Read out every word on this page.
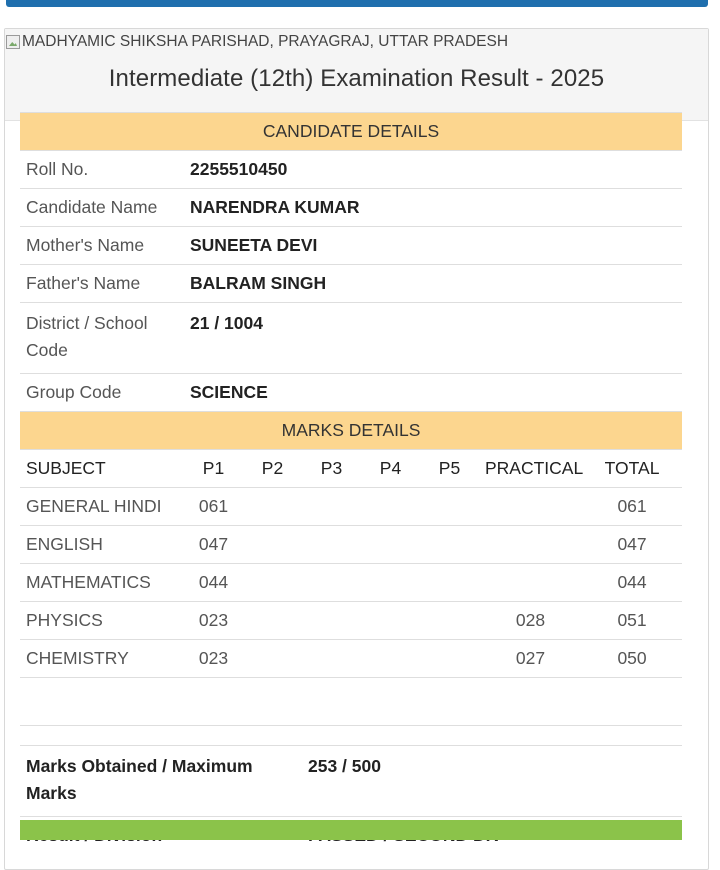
MADHYAMIC SHIKSHA PARISHAD, PRAYAGRAJ, UTTAR PRADESH
Intermediate (12th) Examination Result - 2025
CANDIDATE DETAILS							
Roll No.	2255510450						
Candidate Name	NARENDRA KUMAR						
Mother's Name	SUNEETA DEVI						
Father's Name	BALRAM SINGH						
District / School Code	21 / 1004						
Group Code	SCIENCE						
MARKS DETAILS							
SUBJECT	P1	P2	P3	P4	P5	PRACTICAL	TOTAL
GENERAL HINDI	061						061
ENGLISH	047						047
MATHEMATICS	044						044
PHYSICS	023					028	051
CHEMISTRY	023					027	050

Marks Obtained / Maximum Marks	253 / 500
